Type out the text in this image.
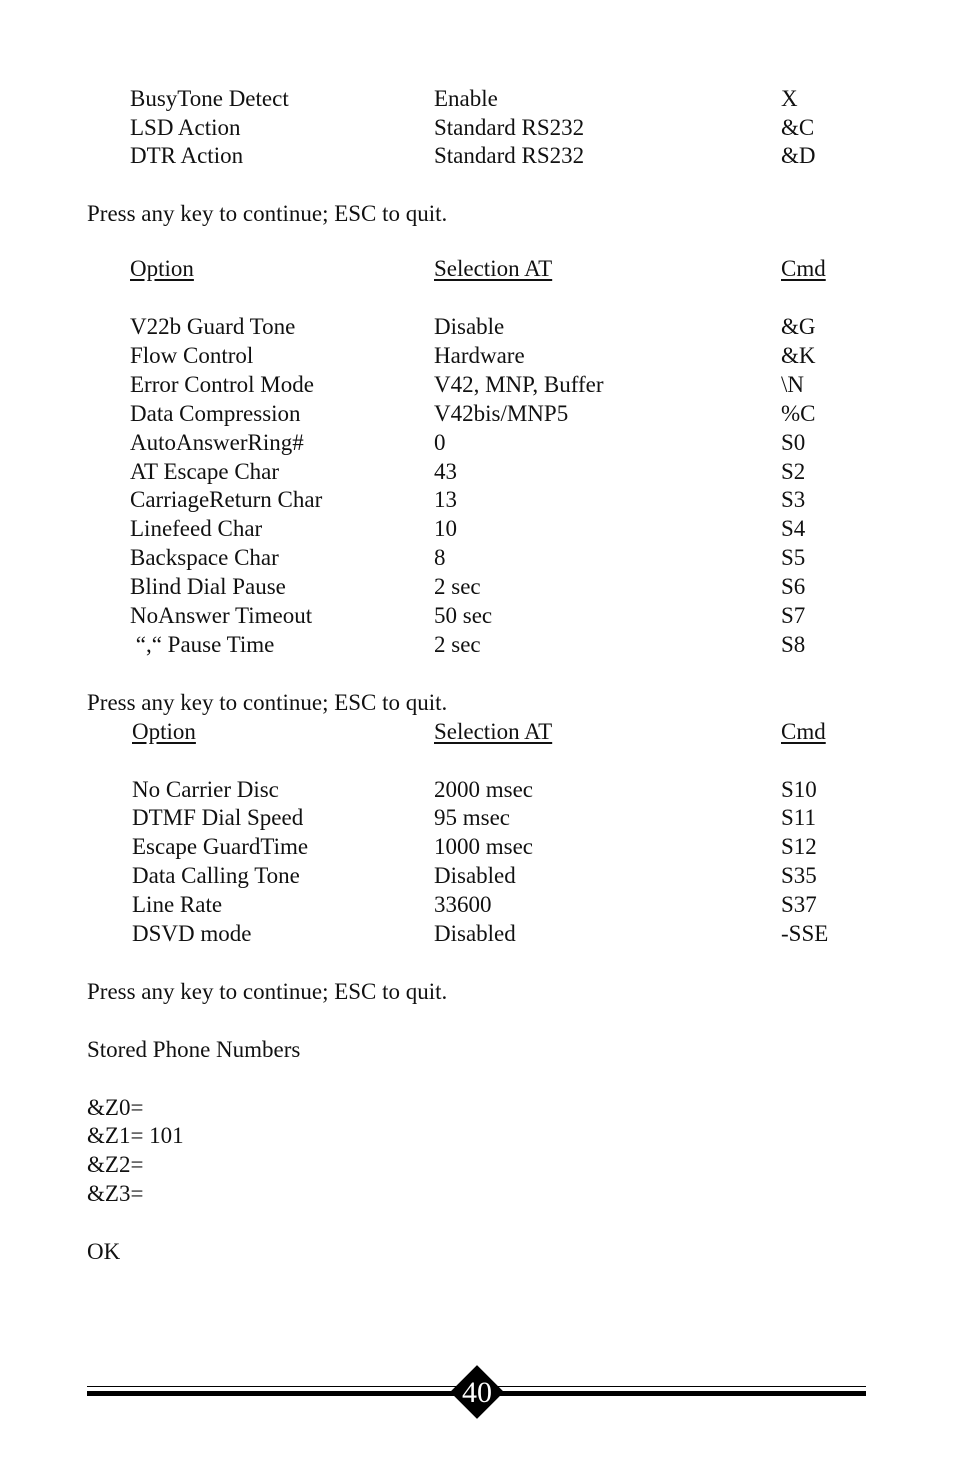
BusyTone Detect	Enable	X
LSD Action	Standard RS232	&C
DTR Action	Standard RS232	&D
Press any key to continue; ESC to quit.
Option	Selection AT	Cmd
V22b Guard Tone	Disable	&G
Flow Control	Hardware	&K
Error Control Mode	V42, MNP, Buffer	\N
Data Compression	V42bis/MNP5	%C
AutoAnswerRing#	0	S0
AT Escape Char	43	S2
CarriageReturn Char	13	S3
Linefeed Char	10	S4
Backspace Char	8	S5
Blind Dial Pause	2 sec	S6
NoAnswer Timeout	50 sec	S7
“,“ Pause Time	2 sec	S8
Press any key to continue; ESC to quit.
Option	Selection AT	Cmd
No Carrier Disc	2000 msec	S10
DTMF Dial Speed	95 msec	S11
Escape GuardTime	1000 msec	S12
Data Calling Tone	Disabled	S35
Line Rate	33600	S37
DSVD mode	Disabled	-SSE
Press any key to continue; ESC to quit.
Stored Phone Numbers
&Z0=
&Z1= 101
&Z2=
&Z3=
OK
40
